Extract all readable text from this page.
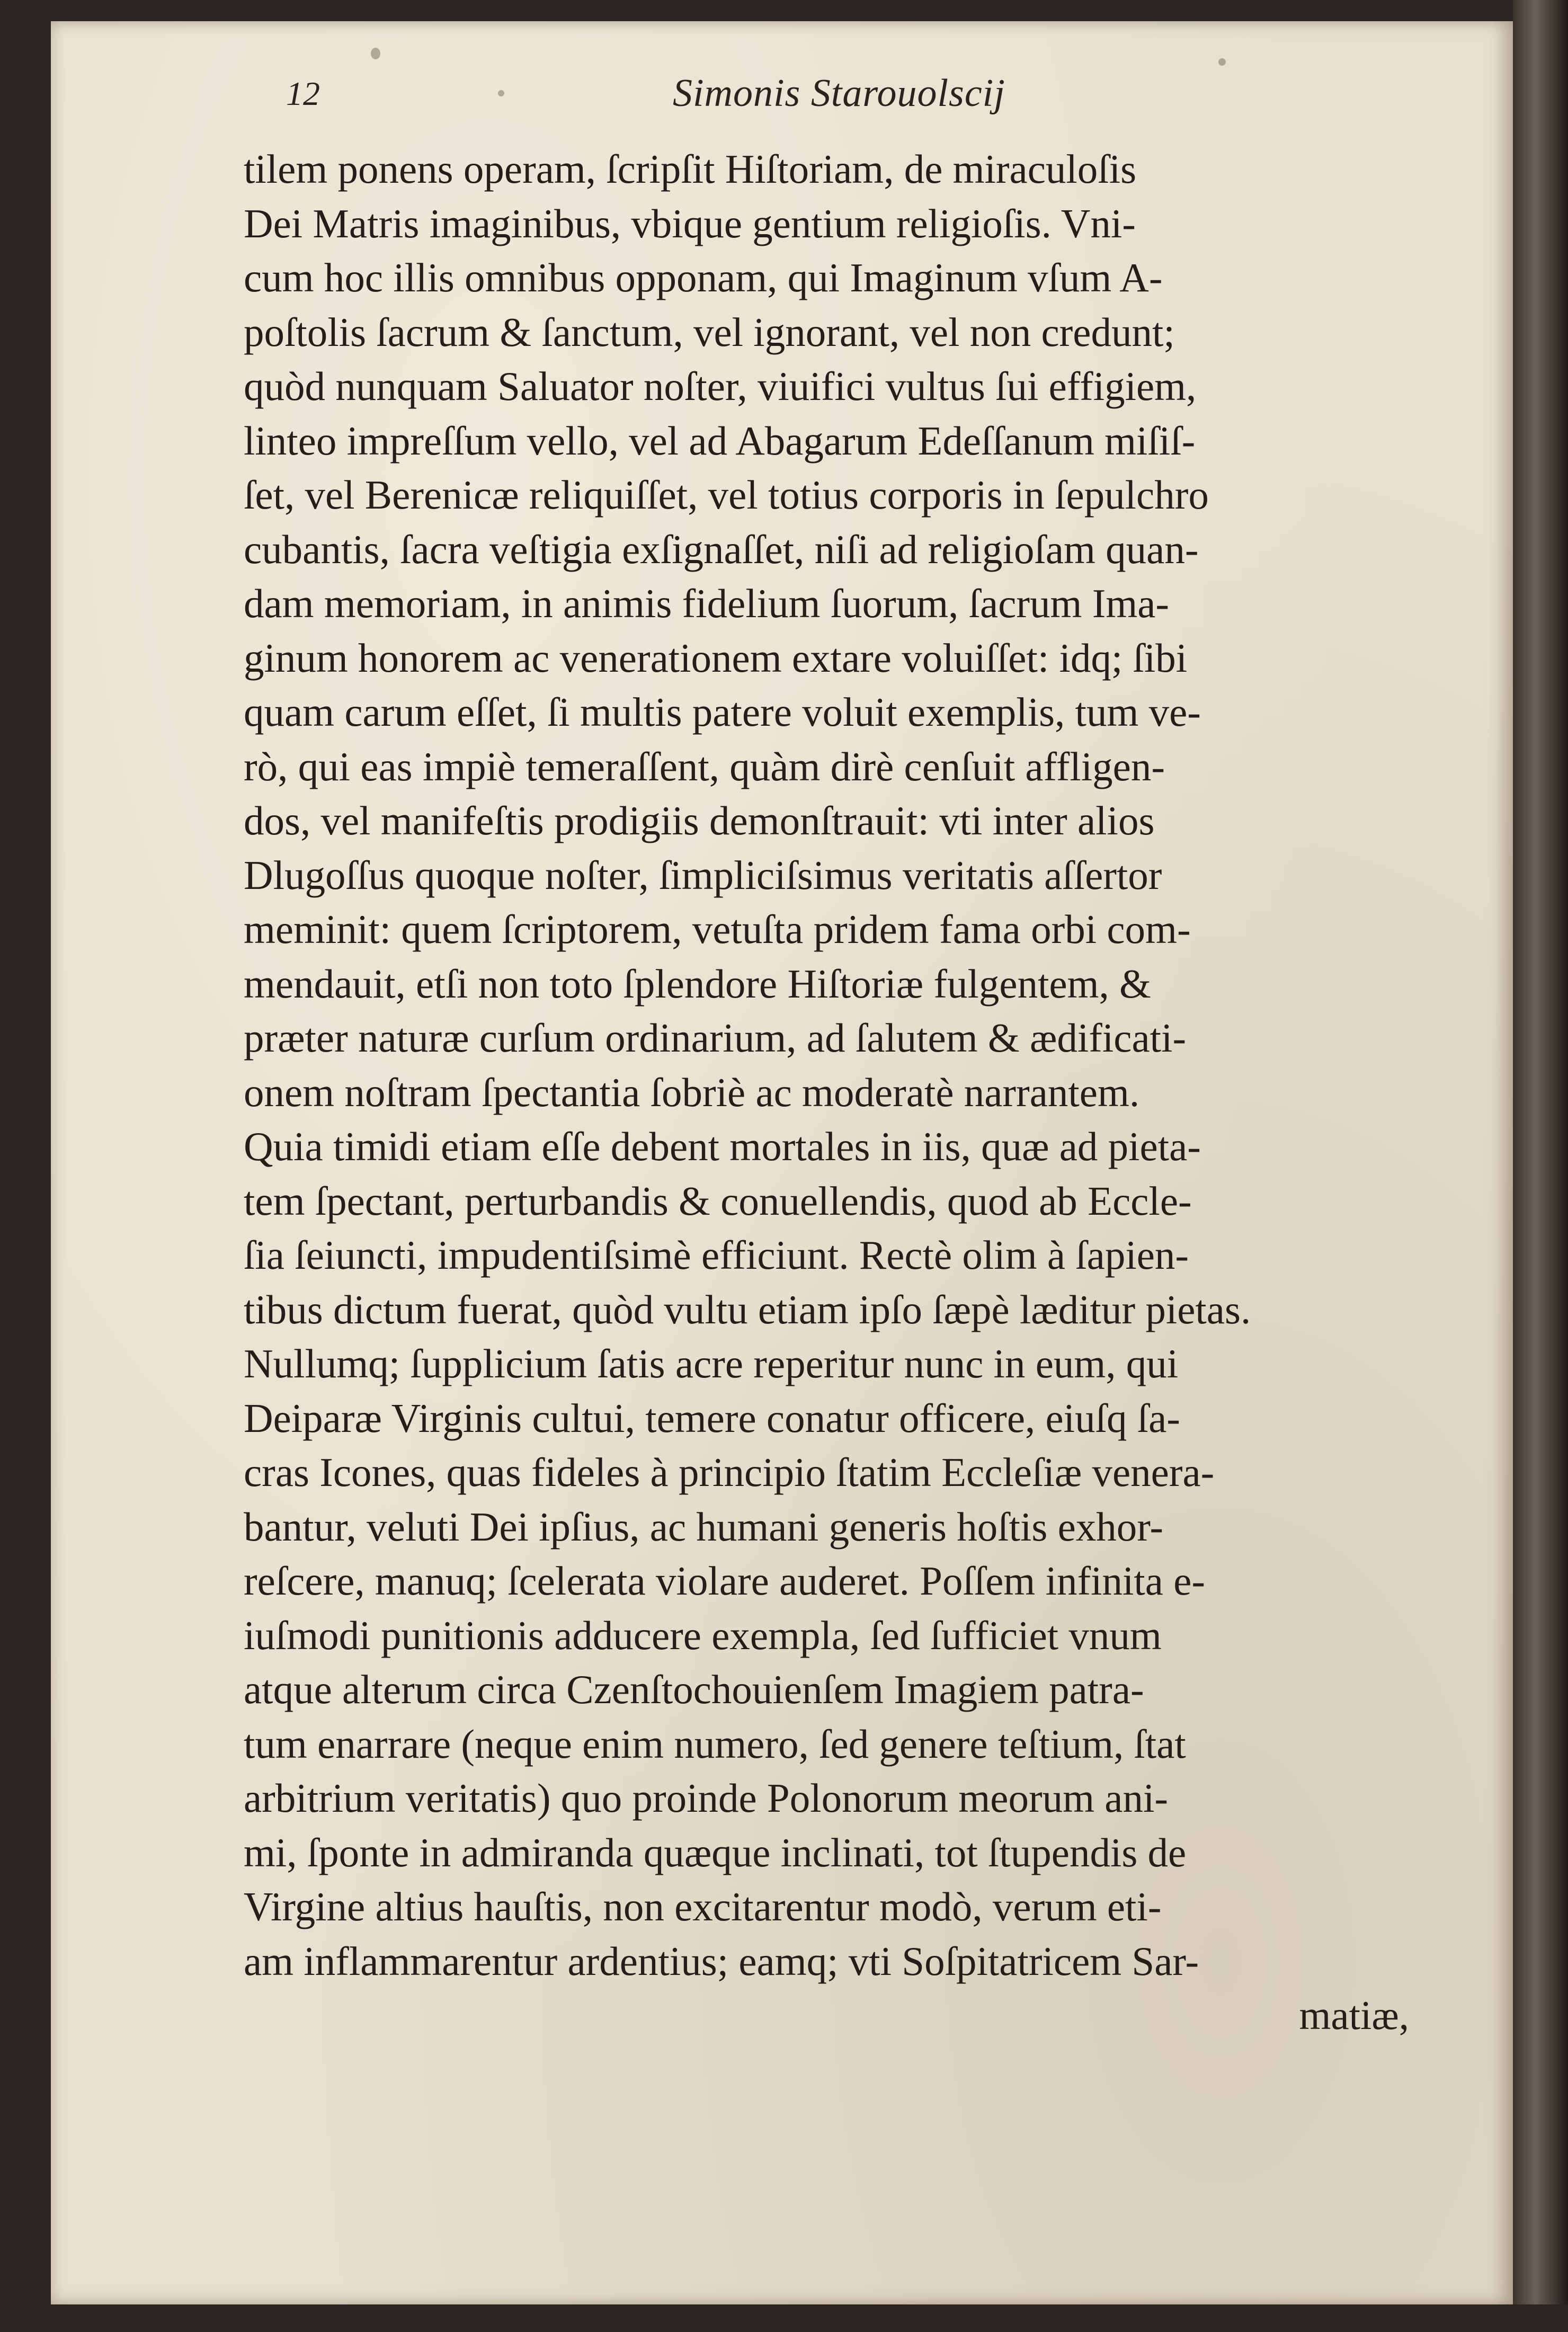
12	Simonis Starouolscij
tilem ponens operam, ſcripſit Hiſtoriam, de miraculoſis
Dei Matris imaginibus, vbique gentium religioſis. Vni-
cum hoc illis omnibus opponam, qui Imaginum vſum A-
poſtolis ſacrum & ſanctum, vel ignorant, vel non credunt;
quòd nunquam Saluator noſter, viuifici vultus ſui effigiem,
linteo impreſſum vello, vel ad Abagarum Edeſſanum miſiſ-
ſet, vel Berenicæ reliquiſſet, vel totius corporis in ſepulchro
cubantis, ſacra veſtigia exſignaſſet, niſi ad religioſam quan-
dam memoriam, in animis fidelium ſuorum, ſacrum Ima-
ginum honorem ac venerationem extare voluiſſet: idq; ſibi
quam carum eſſet, ſi multis patere voluit exemplis, tum ve-
rò, qui eas impiè temeraſſent, quàm dirè cenſuit affligen-
dos, vel manifeſtis prodigiis demonſtrauit: vti inter alios
Dlugoſſus quoque noſter, ſimpliciſsimus veritatis aſſertor
meminit: quem ſcriptorem, vetuſta pridem fama orbi com-
mendauit, etſi non toto ſplendore Hiſtoriæ fulgentem, &
præter naturæ curſum ordinarium, ad ſalutem & ædificati-
onem noſtram ſpectantia ſobriè ac moderatè narrantem.
Quia timidi etiam eſſe debent mortales in iis, quæ ad pieta-
tem ſpectant, perturbandis & conuellendis, quod ab Eccle-
ſia ſeiuncti, impudentiſsimè efficiunt. Rectè olim à ſapien-
tibus dictum fuerat, quòd vultu etiam ipſo ſæpè læditur pietas.
Nullumq; ſupplicium ſatis acre reperitur nunc in eum, qui
Deiparæ Virginis cultui, temere conatur officere, eiuſq ſa-
cras Icones, quas fideles à principio ſtatim Eccleſiæ venera-
bantur, veluti Dei ipſius, ac humani generis hoſtis exhor-
reſcere, manuq; ſcelerata violare auderet. Poſſem infinita e-
iuſmodi punitionis adducere exempla, ſed ſufficiet vnum
atque alterum circa Czenſtochouienſem Imagiem patra-
tum enarrare (neque enim numero, ſed genere teſtium, ſtat
arbitrium veritatis) quo proinde Polonorum meorum ani-
mi, ſponte in admiranda quæque inclinati, tot ſtupendis de
Virgine altius hauſtis, non excitarentur modò, verum eti-
am inflammarentur ardentius; eamq; vti Soſpitatricem Sar-
matiæ,
